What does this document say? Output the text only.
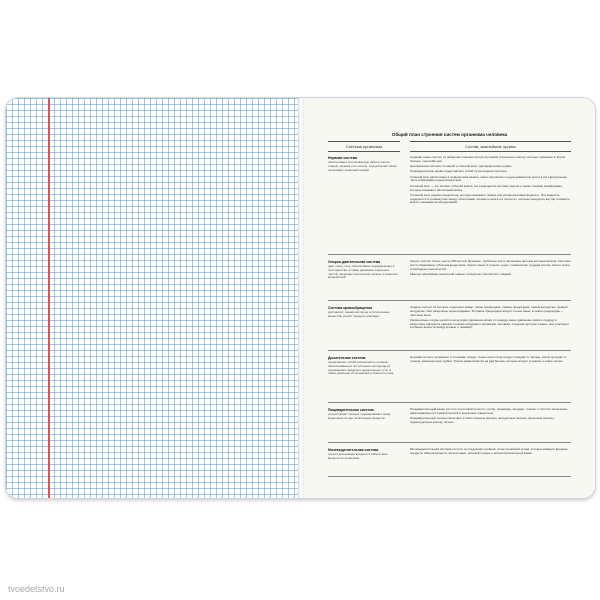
Общий план строения систем организма человека
Система организма	Состав, важнейшие органы
Нервная система
обеспечивает согласованную работу клеток, тканей, органов и их систем, осуществляет связь организма с внешней средой.

Нервная ткань состоит из нейронов и мелких клеток-спутников (глиальных клеток), которых примерно в 10 раз больше, чем нейронов.

Центральная система: головной и спинной мозг, периферические нервы.

Периферические нервы представляют собой пучки нервных волокон.

Спинной мозг расположен в позвоночном канале, имеет вид белого шнура диаметром около 1 см. Центральная часть образована серым веществом.

Головной мозг — это мягкая, губчатая масса. Он защищается костями черепа и тремя тонкими мембранами, которые называют оболочками мозга.

Головной мозг окружен жидкостью, которую называют ликвор или спинномозговая жидкость. Эта жидкость содержится в промежутках между оболочками головного мозга и в полостях, которые находятся внутри головного мозга и называются желудочками.

Опорно-двигательная система
дает опору телу, обеспечивает передвижение в пространстве, а также движение отдельных частей, защищает внутренние органы от внешних воздействий.

Скелет состоит более чем из 200 костей. Длинные, трубчатые кости заполнены желтым костным мозгом. Короткие кости образованы губчатым веществом. Скелет имеет 4 отдела: череп, позвоночник, грудная клетка, скелет пояса и свободных конечностей.

Мышцы образованы мышечной тканью: поперечно-полосатой и гладкой.

Система кровообращения
доставляет тканям кислород и питательные вещества, уносит продукты распада.

Сердце состоит из четырех отдельных камер: левое предсердие, правое предсердие, левый желудочек, правый желудочек. Они разделены перегородками. В правое предсердие входят: полые вены, в левое предсердие — лёгочные вены.

Кровеносные сосуды делятся на артерии (движение крови от сердца), вены (движение крови к сердцу) и капилляры (являются самыми тонкими сосудами в организме человека, соединяя артерии и вены, они участвуют в обмене веществ между кровью и тканями).

Дыхательная система
представляет собой совокупность органов, обеспечивающих поступление кислорода из окружающего воздуха в дыхательные пути, а также удаление из организма углекислого газа.

Носовая полость увлажняет и согревает воздух. Через носоглотку воздух попадает в гортань, затем проходит в трахею, имеющую вид трубки. Трахея разветвляется на два бронха, которые входят в правое и левое легкое.

Пищеварительная система
осуществляет процесс переваривания пищи, выделение из нее питательных веществ.

Пищеварительный канал состоит из ротовой полости, глотки, пищевода, желудка, тонкого и толстого кишечника, заканчивающегося прямой кишкой и анальным отверстием.

Пищеварительные железы включают в себя слюнные железы, желудочные железы, кишечные железы, поджелудочную железу, печень.

Мочевыделительная система
служит для вывода вредных и избыточных веществ из организма.

Мочевыделительная система состоит из следующих органов: почки (основной орган), которые выводят вредные продукты обмена веществ; мочеточники, мочевой пузырь и мочеиспускательный канал.

tvoedetstvo.ru
